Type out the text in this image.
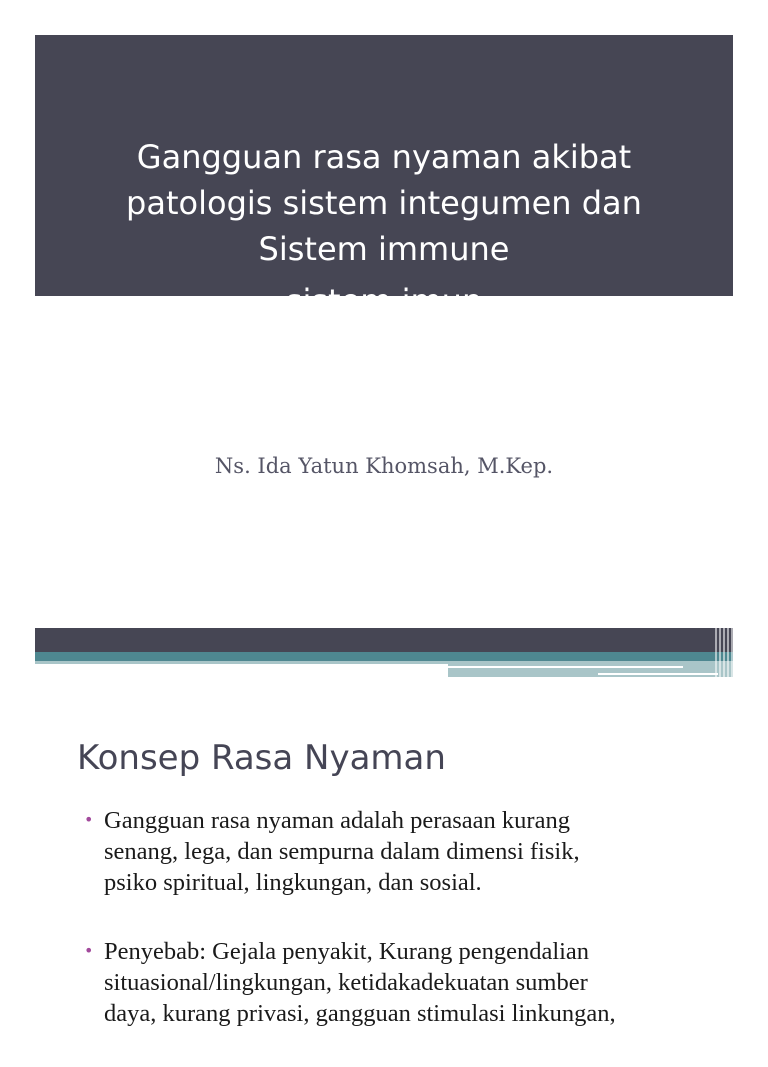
Gangguan rasa nyaman akibat
patologis sistem integumen dan
Sistem immune
sistem imun
Ns. Ida Yatun Khomsah, M.Kep.
Konsep Rasa Nyaman
• Gangguan rasa nyaman adalah perasaan kurang
senang, lega, dan sempurna dalam dimensi fisik,
psiko spiritual, lingkungan, dan sosial.
• Penyebab: Gejala penyakit, Kurang pengendalian
situasional/lingkungan, ketidakadekuatan sumber
daya, kurang privasi, gangguan stimulasi linkungan,
